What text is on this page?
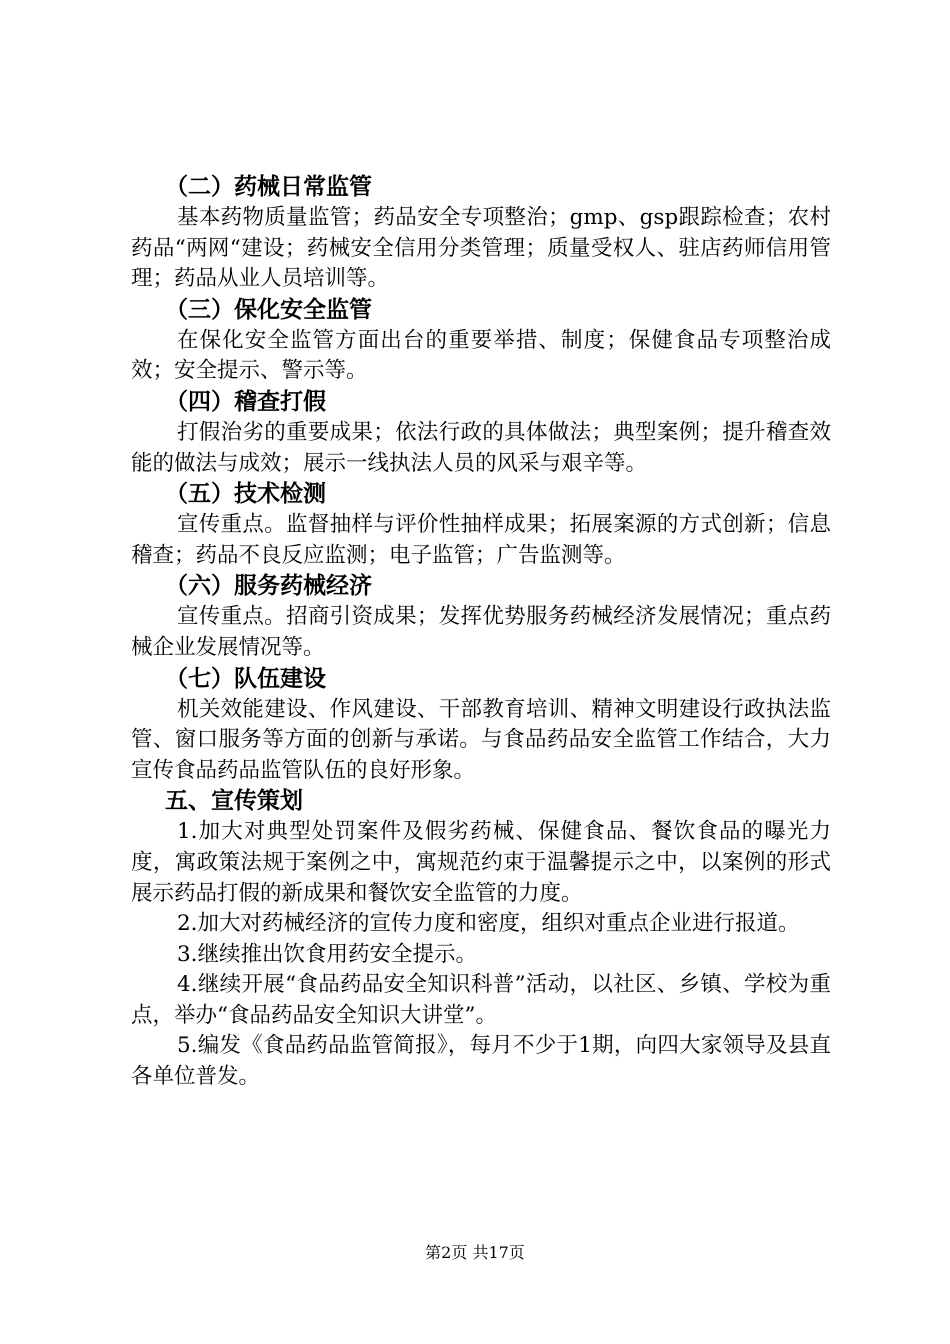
（二）药械日常监管

基本药物质量监管；药品安全专项整治；gmp、gsp跟踪检查；农村药品“两网“建设；药械安全信用分类管理；质量受权人、驻店药师信用管理；药品从业人员培训等。

（三）保化安全监管

在保化安全监管方面出台的重要举措、制度；保健食品专项整治成效；安全提示、警示等。

（四）稽查打假

打假治劣的重要成果；依法行政的具体做法；典型案例；提升稽查效能的做法与成效；展示一线执法人员的风采与艰辛等。

（五）技术检测

宣传重点。监督抽样与评价性抽样成果；拓展案源的方式创新；信息稽查；药品不良反应监测；电子监管；广告监测等。

（六）服务药械经济

宣传重点。招商引资成果；发挥优势服务药械经济发展情况；重点药械企业发展情况等。

（七）队伍建设

机关效能建设、作风建设、干部教育培训、精神文明建设行政执法监管、窗口服务等方面的创新与承诺。与食品药品安全监管工作结合，大力宣传食品药品监管队伍的良好形象。

五、宣传策划

1.加大对典型处罚案件及假劣药械、保健食品、餐饮食品的曝光力度，寓政策法规于案例之中，寓规范约束于温馨提示之中，以案例的形式展示药品打假的新成果和餐饮安全监管的力度。

2.加大对药械经济的宣传力度和密度，组织对重点企业进行报道。

3.继续推出饮食用药安全提示。

4.继续开展“食品药品安全知识科普”活动，以社区、乡镇、学校为重点，举办“食品药品安全知识大讲堂”。

5.编发《食品药品监管简报》，每月不少于1期，向四大家领导及县直各单位普发。

第2页 共17页
